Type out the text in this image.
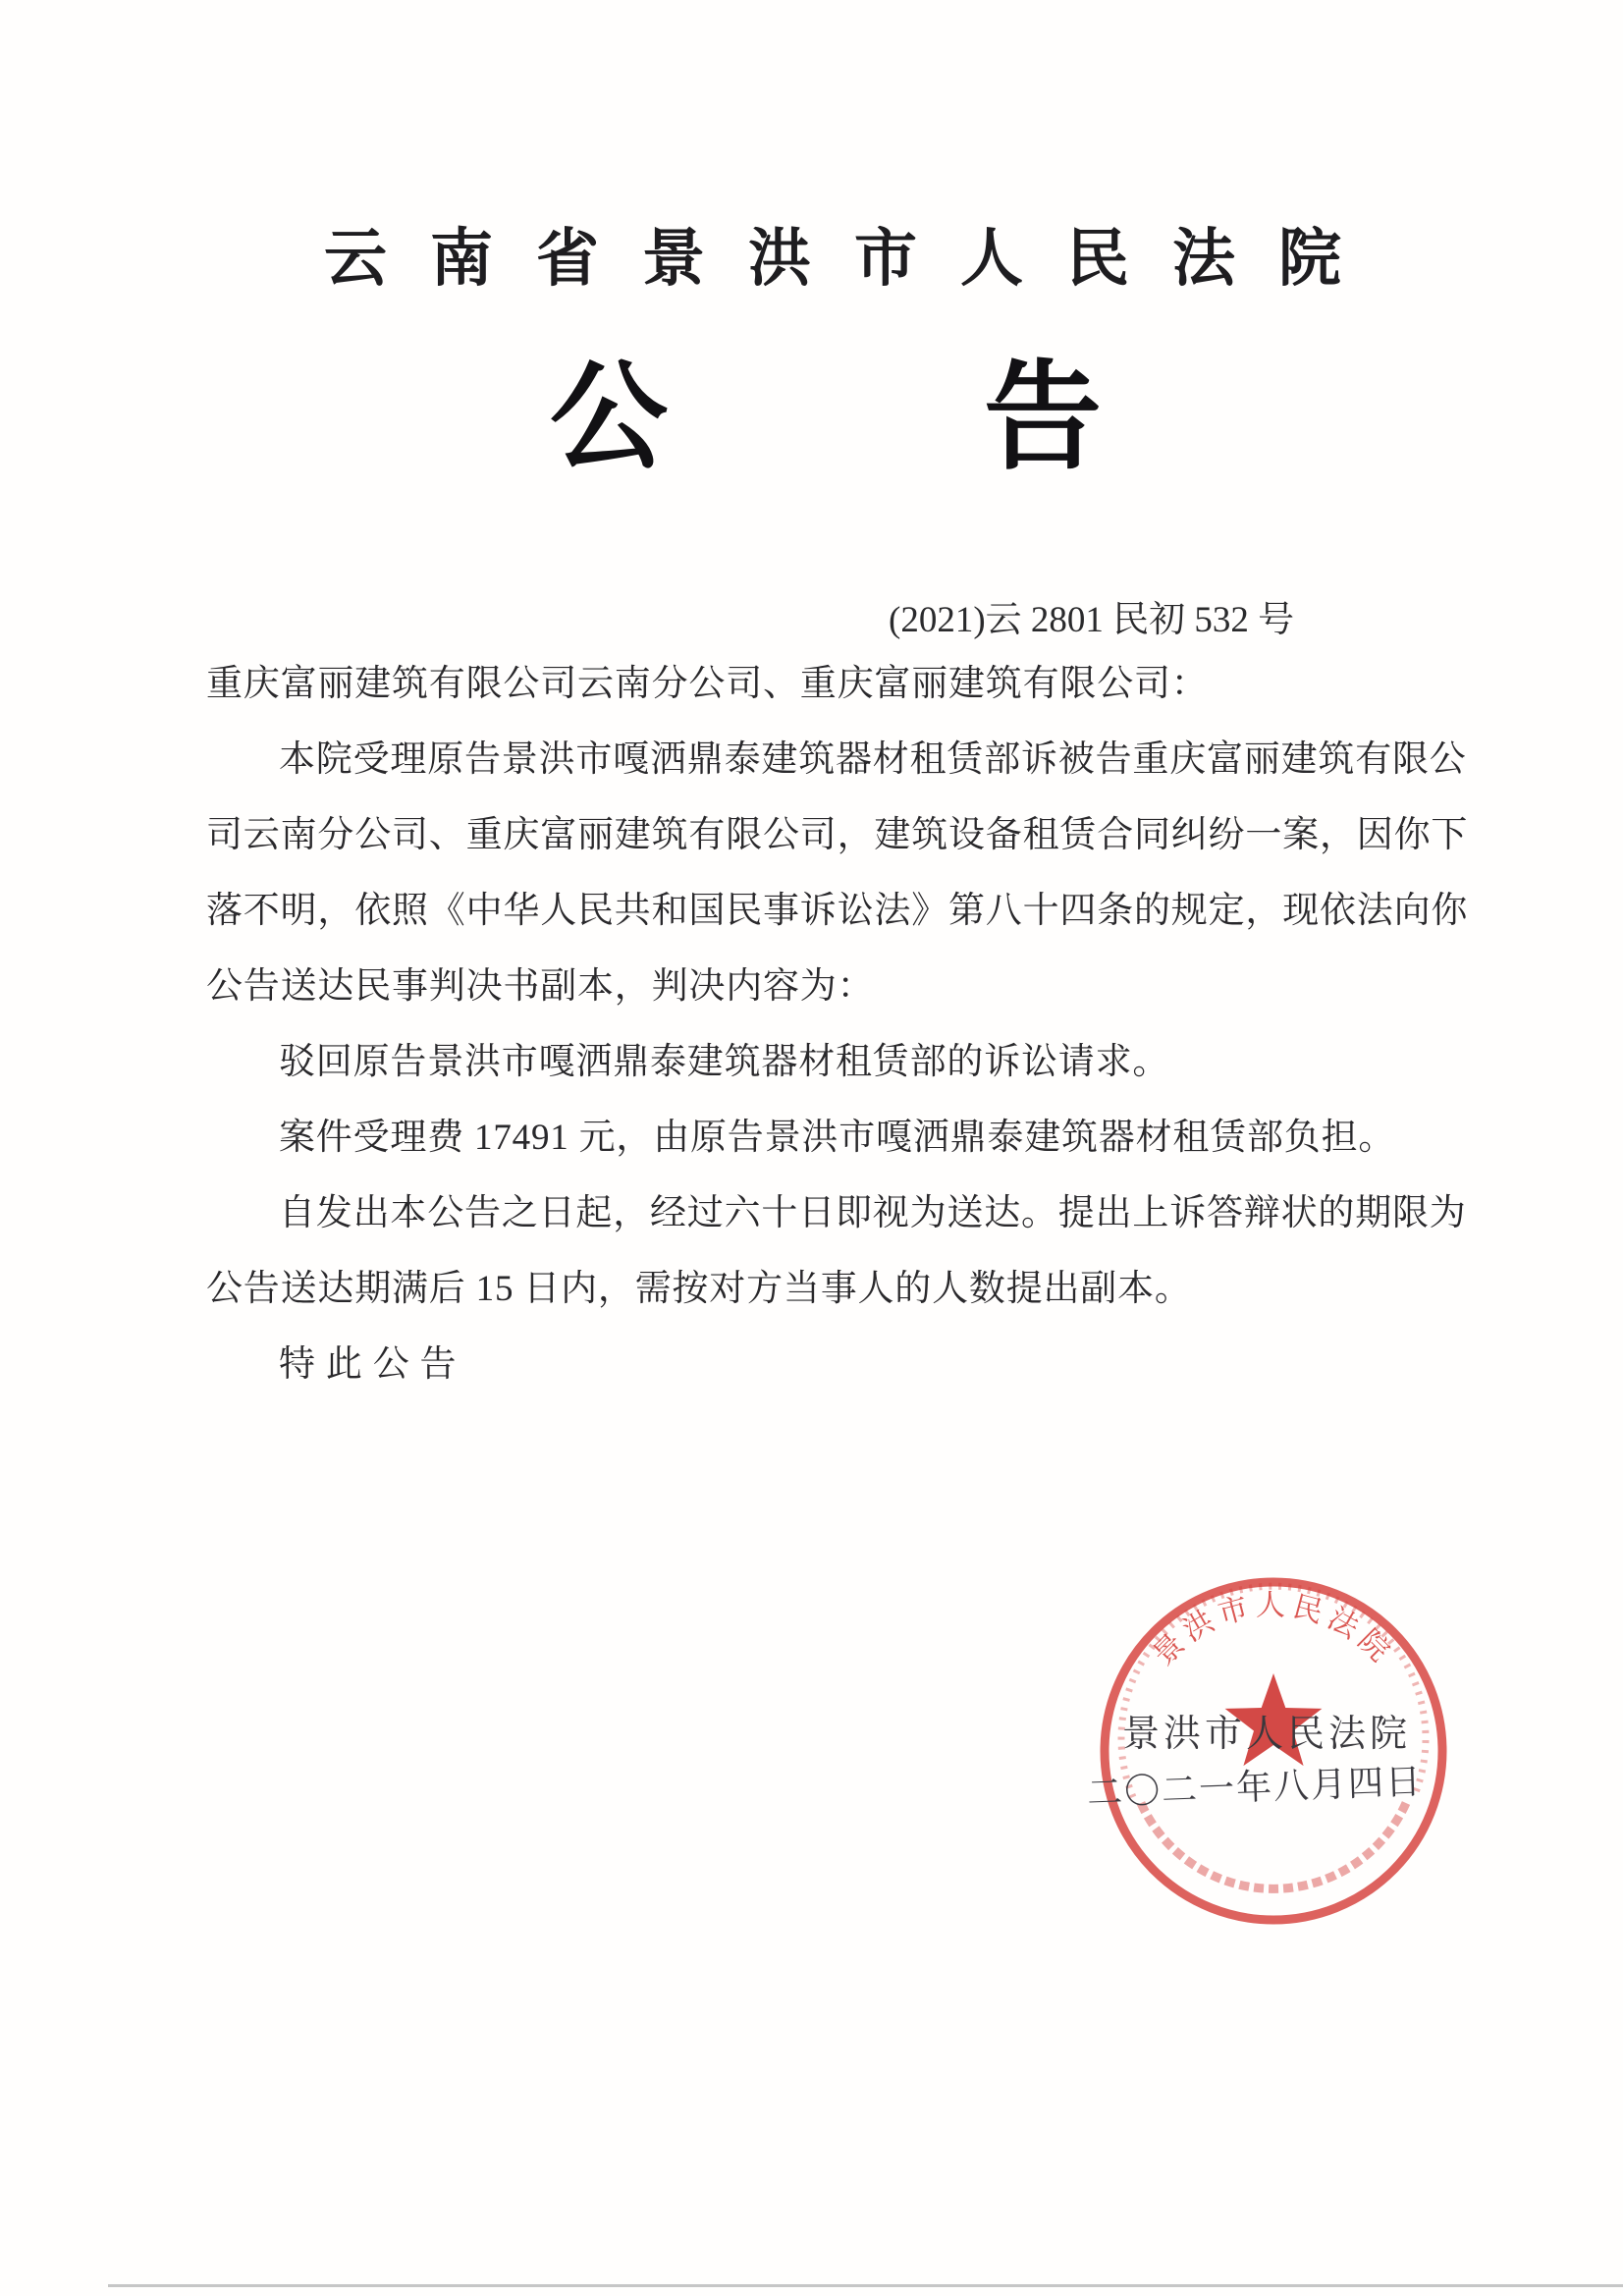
云南省景洪市人民法院
公	告
(2021)云 2801 民初 532 号
重庆富丽建筑有限公司云南分公司、重庆富丽建筑有限公司：
本院受理原告景洪市嘎洒鼎泰建筑器材租赁部诉被告重庆富丽建筑有限公
司云南分公司、重庆富丽建筑有限公司，建筑设备租赁合同纠纷一案，因你下
落不明，依照《中华人民共和国民事诉讼法》第八十四条的规定，现依法向你
公告送达民事判决书副本，判决内容为：
驳回原告景洪市嘎洒鼎泰建筑器材租赁部的诉讼请求。
案件受理费 17491 元，由原告景洪市嘎洒鼎泰建筑器材租赁部负担。
自发出本公告之日起，经过六十日即视为送达。提出上诉答辩状的期限为
公告送达期满后 15 日内，需按对方当事人的人数提出副本。
特 此 公 告
景洪市人民法院
景洪市人民法院
二〇二一年八月四日
